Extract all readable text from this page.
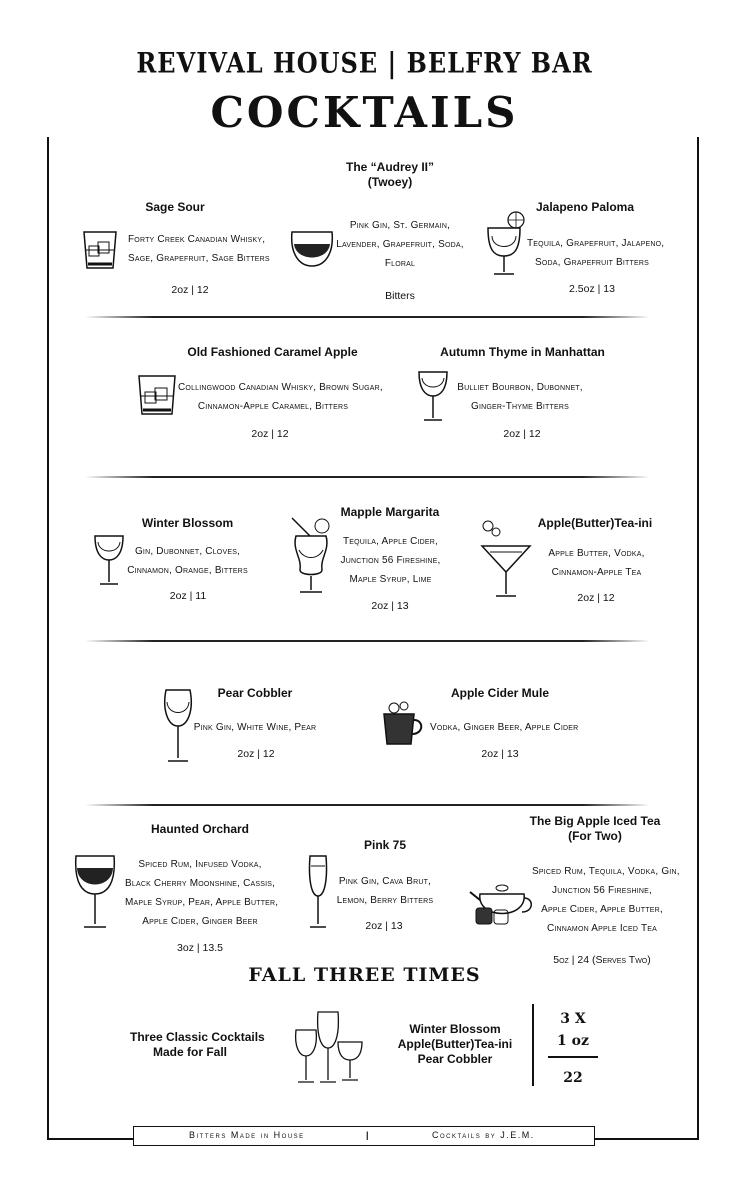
REVIVAL HOUSE | BELFRY BAR
COCKTAILS
Sage Sour
Forty Creek Canadian Whisky,
Sage, Grapefruit, Sage Bitters
2oz | 12
The “Audrey II”
(Twoey)
Pink Gin, St. Germain,
Lavender, Grapefruit, Soda,
Floral
Bitters
Jalapeno Paloma
Tequila, Grapefruit, Jalapeno,
Soda, Grapefruit Bitters
2.5oz | 13
Old Fashioned Caramel Apple
Collingwood Canadian Whisky, Brown Sugar,
Cinnamon-Apple Caramel, Bitters
2oz | 12
Autumn Thyme in Manhattan
Bulliet Bourbon, Dubonnet,
Ginger-Thyme Bitters
2oz | 12
Winter Blossom
Gin, Dubonnet, Cloves,
Cinnamon, Orange, Bitters
2oz | 11
Mapple Margarita
Tequila, Apple Cider,
Junction 56 Fireshine,
Maple Syrup, Lime
2oz | 13
Apple(Butter)Tea-ini
Apple Butter, Vodka,
Cinnamon-Apple Tea
2oz | 12
Pear Cobbler
Pink Gin, White Wine, Pear
2oz | 12
Apple Cider Mule
Vodka, Ginger Beer, Apple Cider
2oz | 13
Haunted Orchard
Spiced Rum, Infused Vodka,
Black Cherry Moonshine, Cassis,
Maple Syrup, Pear, Apple Butter,
Apple Cider, Ginger Beer
3oz | 13.5
Pink 75
Pink Gin, Cava Brut,
Lemon, Berry Bitters
2oz | 13
The Big Apple Iced Tea
(For Two)
Spiced Rum, Tequila, Vodka, Gin,
Junction 56 Fireshine,
Apple Cider, Apple Butter,
Cinnamon Apple Iced Tea
5oz | 24 (Serves Two)
FALL THREE TIMES
Three Classic Cocktails
Made for Fall
Winter Blossom
Apple(Butter)Tea-ini
Pear Cobbler
3 X
1 oz
22
Bitters Made in House	|	Cocktails by J.E.M.
